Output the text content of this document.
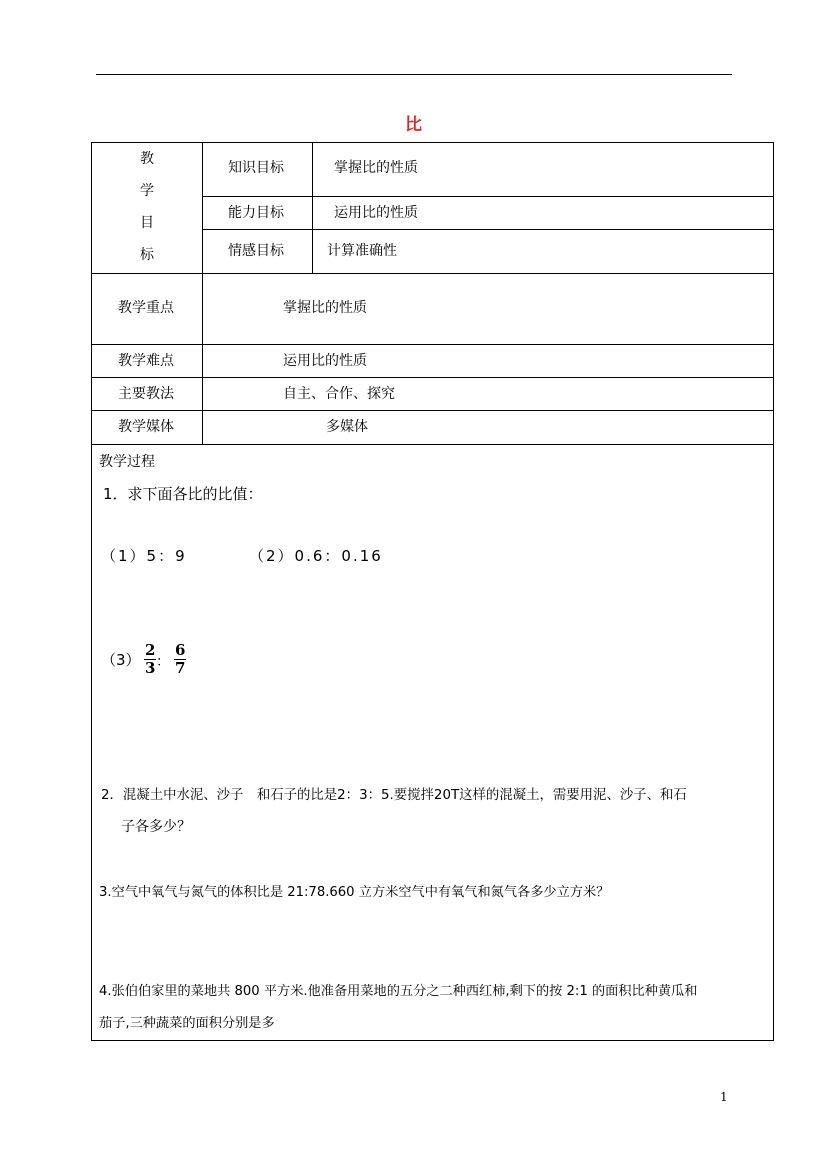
比
教
学
目
标
知识目标	掌握比的性质
能力目标	运用比的性质
情感目标	计算准确性
教学重点	掌握比的性质
教学难点	运用比的性质
主要教法	自主、合作、探究
教学媒体	多媒体
教学过程
1．求下面各比的比值：
（1）5：9	（2）0.6：0.16
（3）
2
3 ：
6
7
2．混凝土中水泥、沙子　和石子的比是2：3：5.要搅拌20T这样的混凝土，需要用泥、沙子、和石
子各多少？
3.空气中氧气与氮气的体积比是 21:78.660 立方米空气中有氧气和氮气各多少立方米？
4.张伯伯家里的菜地共 800 平方米.他准备用菜地的五分之二种西红柿,剩下的按 2:1 的面积比种黄瓜和
茄子,三种蔬菜的面积分别是多
1
